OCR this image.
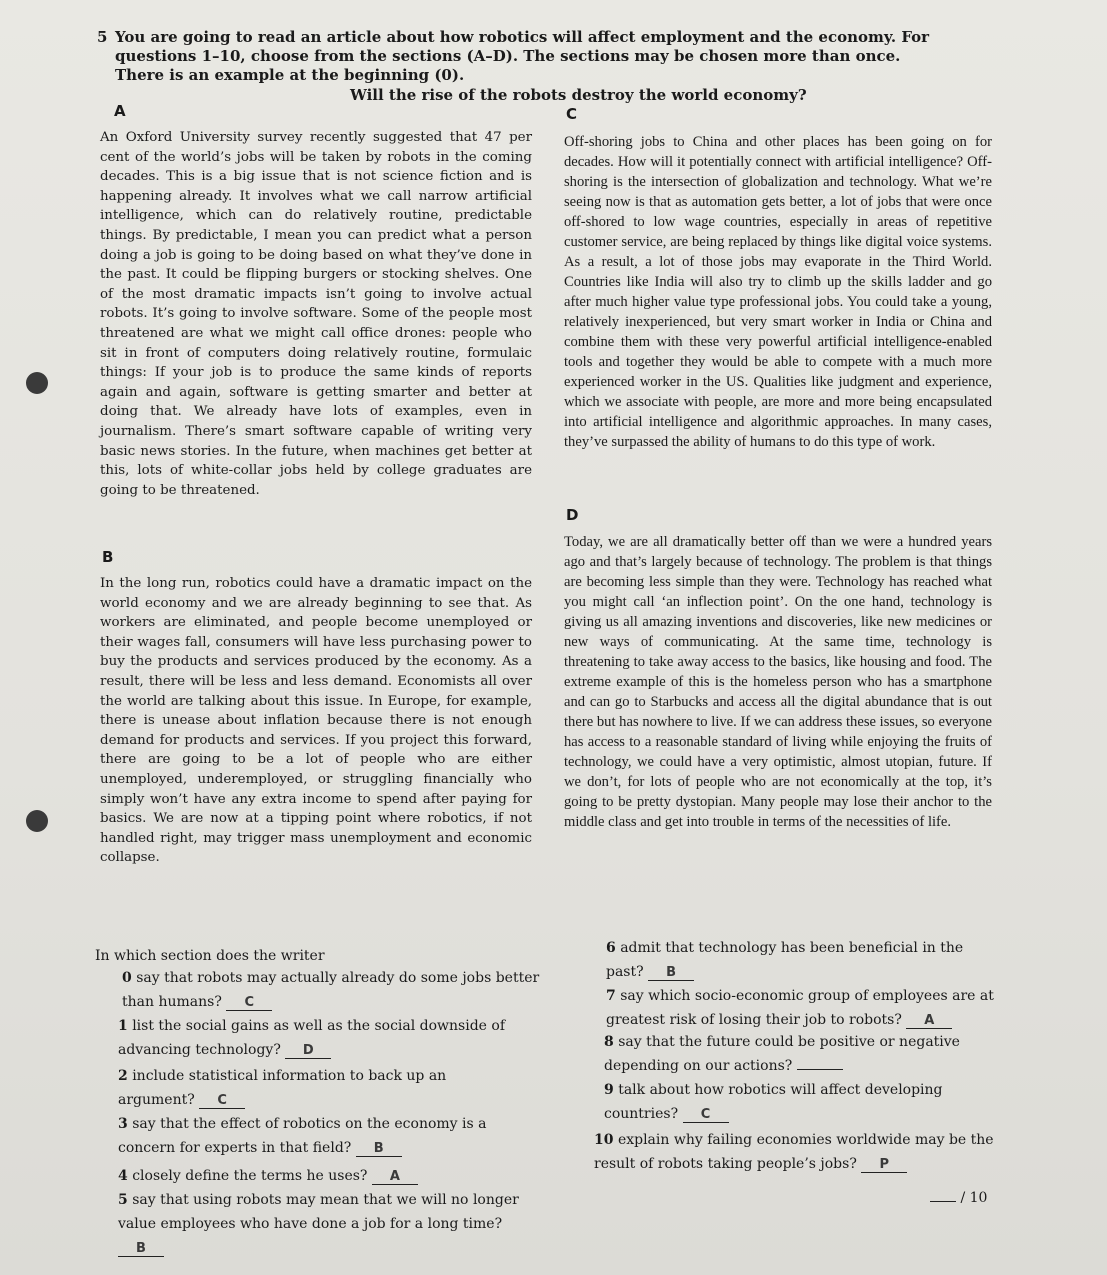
5 You are going to read an article about how robotics will affect employment and the economy. For questions 1–10, choose from the sections (A–D). The sections may be chosen more than once. There is an example at the beginning (0).
Will the rise of the robots destroy the world economy?
A
An Oxford University survey recently suggested that 47 per cent of the world’s jobs will be taken by robots in the coming decades. This is a big issue that is not science fiction and is happening already. It involves what we call narrow artificial intelligence, which can do relatively routine, predictable things. By predictable, I mean you can predict what a person doing a job is going to be doing based on what they’ve done in the past. It could be flipping burgers or stocking shelves. One of the most dramatic impacts isn’t going to involve actual robots. It’s going to involve software. Some of the people most threatened are what we might call office drones: people who sit in front of computers doing relatively routine, formulaic things: If your job is to produce the same kinds of reports again and again, software is getting smarter and better at doing that. We already have lots of examples, even in journalism. There’s smart software capable of writing very basic news stories. In the future, when machines get better at this, lots of white-collar jobs held by college graduates are going to be threatened.
B
In the long run, robotics could have a dramatic impact on the world economy and we are already beginning to see that. As workers are eliminated, and people become unemployed or their wages fall, consumers will have less purchasing power to buy the products and services produced by the economy. As a result, there will be less and less demand. Economists all over the world are talking about this issue. In Europe, for example, there is unease about inflation because there is not enough demand for products and services. If you project this forward, there are going to be a lot of people who are either unemployed, underemployed, or struggling financially who simply won’t have any extra income to spend after paying for basics. We are now at a tipping point where robotics, if not handled right, may trigger mass unemployment and economic collapse.
C
Off-shoring jobs to China and other places has been going on for decades. How will it potentially connect with artificial intelligence? Off-shoring is the intersection of globalization and technology. What we’re seeing now is that as automation gets better, a lot of jobs that were once off-shored to low wage countries, especially in areas of repetitive customer service, are being replaced by things like digital voice systems. As a result, a lot of those jobs may evaporate in the Third World. Countries like India will also try to climb up the skills ladder and go after much higher value type professional jobs. You could take a young, relatively inexperienced, but very smart worker in India or China and combine them with these very powerful artificial intelligence-enabled tools and together they would be able to compete with a much more experienced worker in the US. Qualities like judgment and experience, which we associate with people, are more and more being encapsulated into artificial intelligence and algorithmic approaches. In many cases, they’ve surpassed the ability of humans to do this type of work.
D
Today, we are all dramatically better off than we were a hundred years ago and that’s largely because of technology. The problem is that things are becoming less simple than they were. Technology has reached what you might call ‘an inflection point’. On the one hand, technology is giving us all amazing inventions and discoveries, like new medicines or new ways of communicating. At the same time, technology is threatening to take away access to the basics, like housing and food. The extreme example of this is the homeless person who has a smartphone and can go to Starbucks and access all the digital abundance that is out there but has nowhere to live. If we can address these issues, so everyone has access to a reasonable standard of living while enjoying the fruits of technology, we could have a very optimistic, almost utopian, future. If we don’t, for lots of people who are not economically at the top, it’s going to be pretty dystopian. Many people may lose their anchor to the middle class and get into trouble in terms of the necessities of life.
In which section does the writer
0 say that robots may actually already do some jobs better than humans? C
1 list the social gains as well as the social downside of advancing technology? D
2 include statistical information to back up an argument? C
3 say that the effect of robotics on the economy is a concern for experts in that field? B
4 closely define the terms he uses? A
5 say that using robots may mean that we will no longer value employees who have done a job for a long time? B
6 admit that technology has been beneficial in the past? B
7 say which socio-economic group of employees are at greatest risk of losing their job to robots? A
8 say that the future could be positive or negative depending on our actions?
9 talk about how robotics will affect developing countries? C
10 explain why failing economies worldwide may be the result of robots taking people’s jobs? P
/ 10
